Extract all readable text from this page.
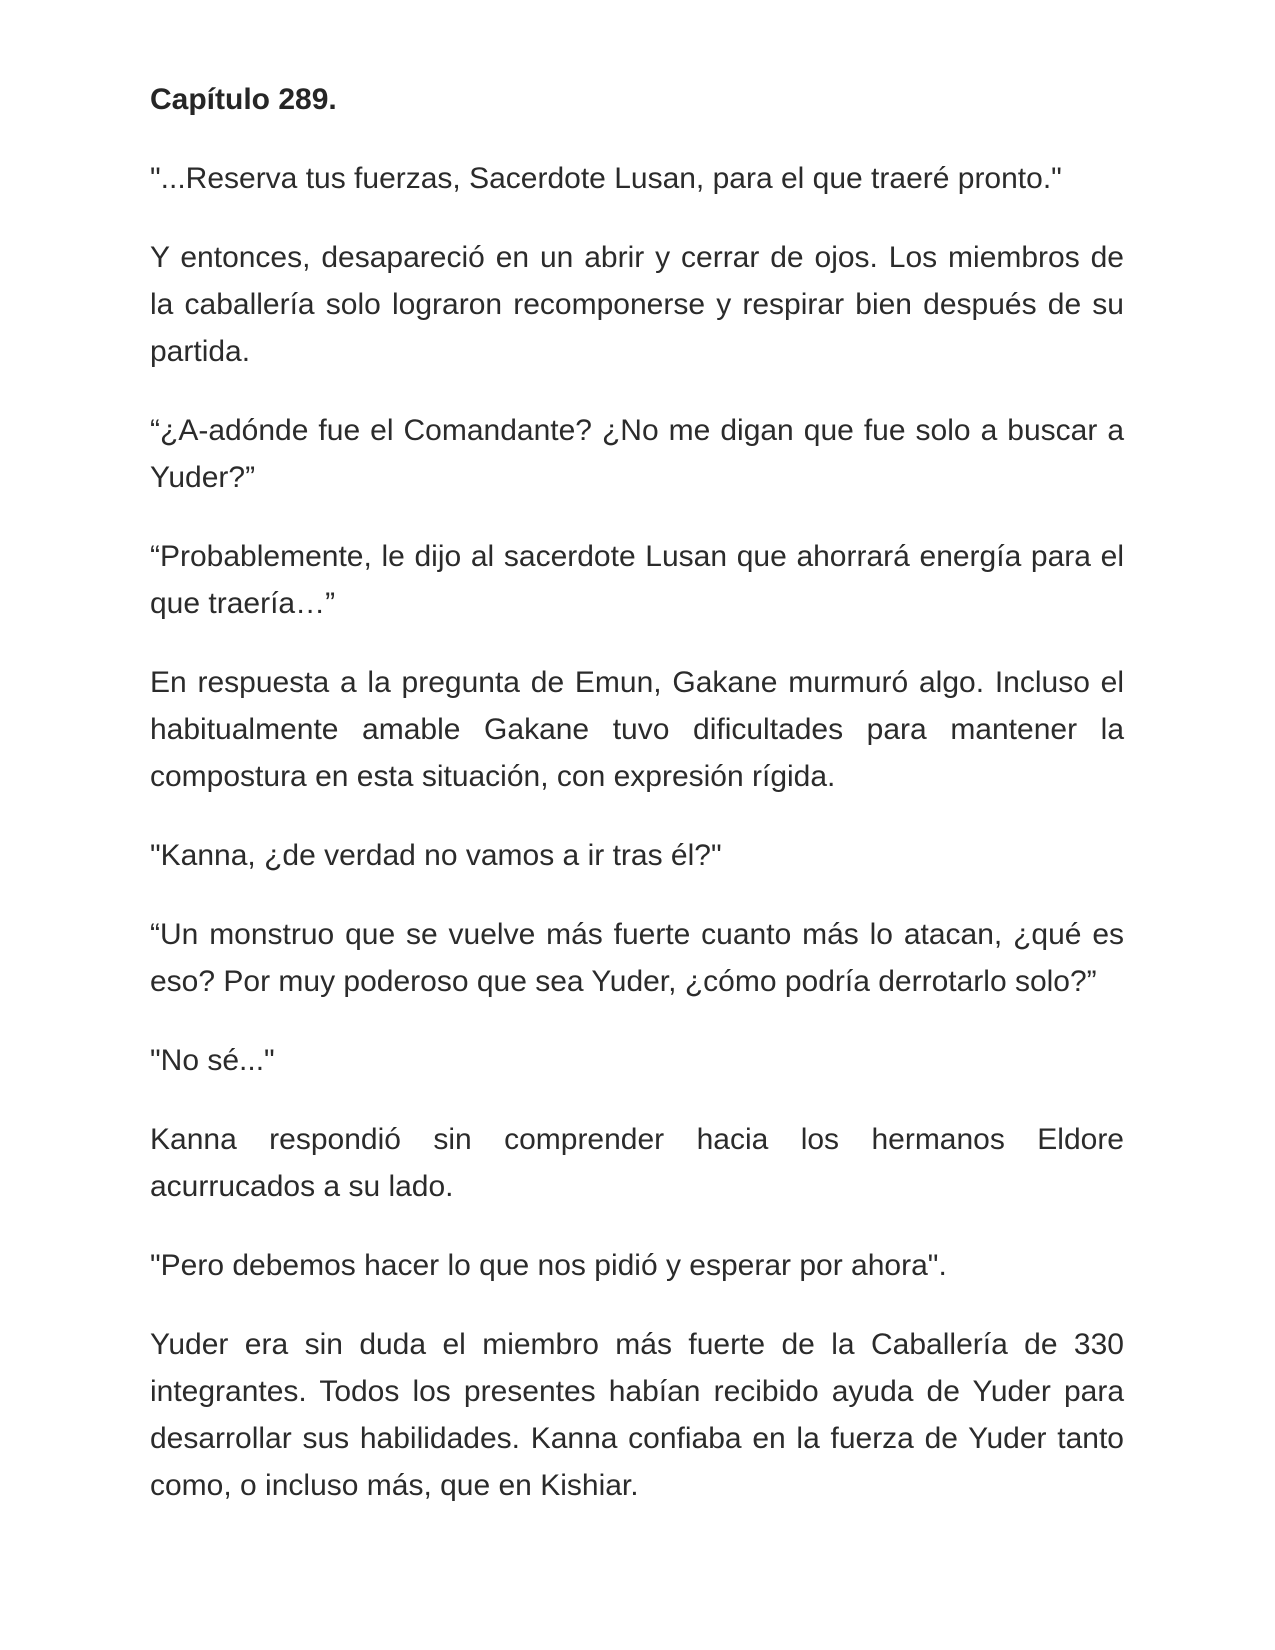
Capítulo 289.

"...Reserva tus fuerzas, Sacerdote Lusan, para el que traeré pronto."

Y entonces, desapareció en un abrir y cerrar de ojos. Los miembros de la caballería solo lograron recomponerse y respirar bien después de su partida.

“¿A-adónde fue el Comandante? ¿No me digan que fue solo a buscar a Yuder?”

“Probablemente, le dijo al sacerdote Lusan que ahorrará energía para el que traería…”

En respuesta a la pregunta de Emun, Gakane murmuró algo. Incluso el habitualmente amable Gakane tuvo dificultades para mantener la compostura en esta situación, con expresión rígida.

"Kanna, ¿de verdad no vamos a ir tras él?"

“Un monstruo que se vuelve más fuerte cuanto más lo atacan, ¿qué es eso? Por muy poderoso que sea Yuder, ¿cómo podría derrotarlo solo?”

"No sé..."

Kanna respondió sin comprender hacia los hermanos Eldore acurrucados a su lado.

"Pero debemos hacer lo que nos pidió y esperar por ahora".

Yuder era sin duda el miembro más fuerte de la Caballería de 330 integrantes. Todos los presentes habían recibido ayuda de Yuder para desarrollar sus habilidades. Kanna confiaba en la fuerza de Yuder tanto como, o incluso más, que en Kishiar.
